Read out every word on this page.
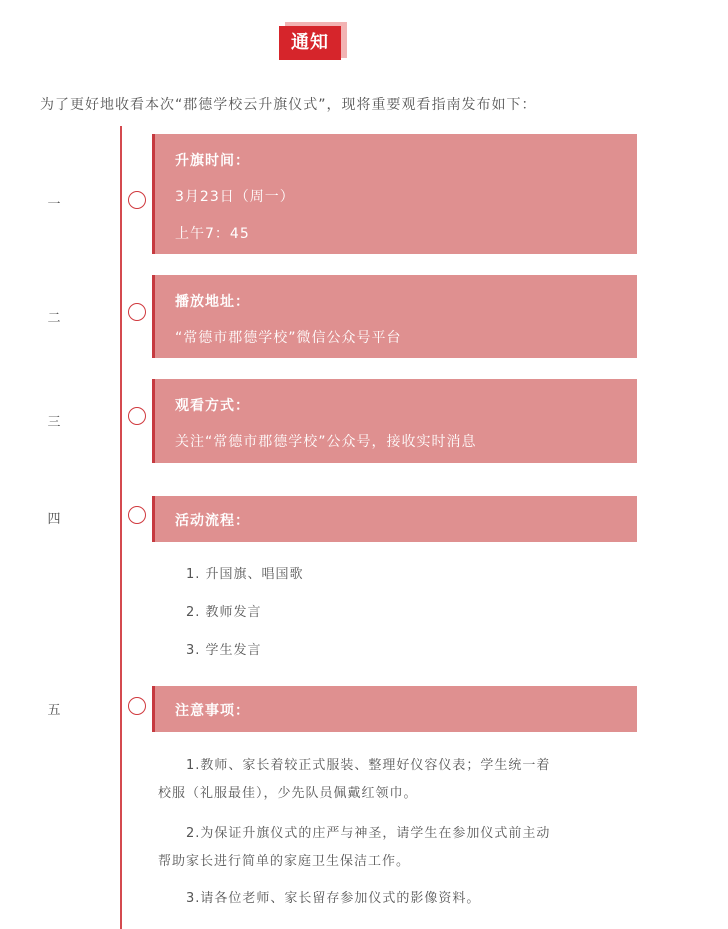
通知
为了更好地收看本次“郡德学校云升旗仪式”，现将重要观看指南发布如下：
一
升旗时间：
3月23日（周一）
上午7：45
二
播放地址：
“常德市郡德学校”微信公众号平台
三
观看方式：
关注“常德市郡德学校”公众号，接收实时消息
四	活动流程：
1. 升国旗、唱国歌
2. 教师发言
3. 学生发言
五	注意事项：
1.教师、家长着较正式服装、整理好仪容仪表；学生统一着
校服（礼服最佳），少先队员佩戴红领巾。
2.为保证升旗仪式的庄严与神圣，请学生在参加仪式前主动
帮助家长进行简单的家庭卫生保洁工作。
3.请各位老师、家长留存参加仪式的影像资料。
